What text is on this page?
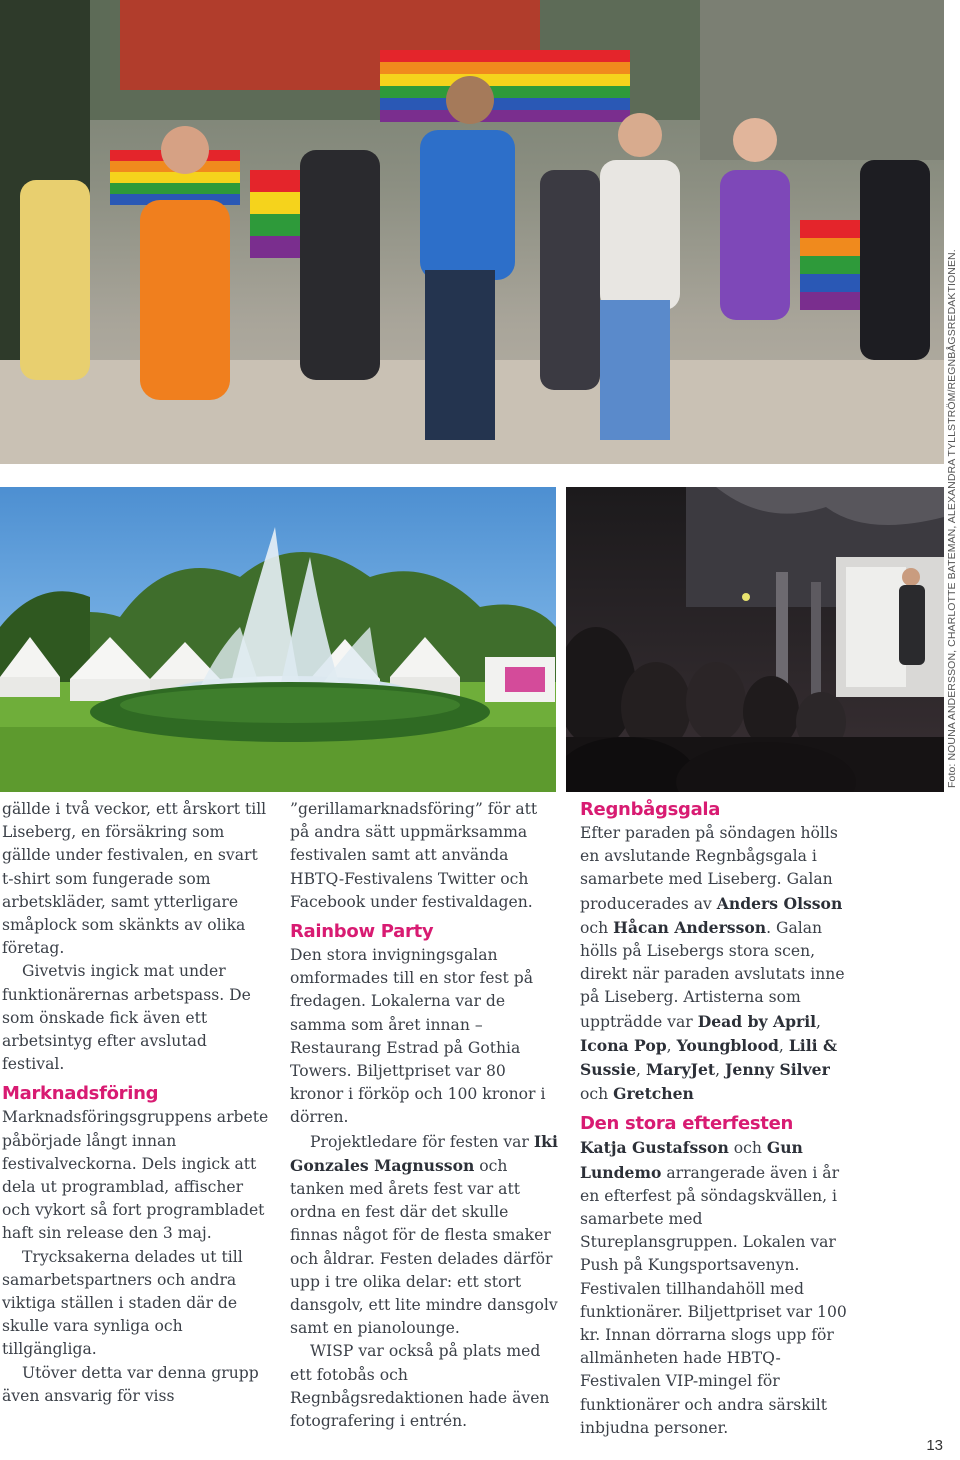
Foto: NOUNA ANDERSSON, CHARLOTTE BATEMAN, ALEXANDRA TYLLSTRÖM/REGNBÅGSREDAKTIONEN.

gällde i två veckor, ett årskort till Liseberg, en försäkring som gällde under festivalen, en svart t-shirt som fungerade som arbetskläder, samt ytterligare småplock som skänkts av olika företag.

Givetvis ingick mat under funktionärernas arbetspass. De som önskade fick även ett arbetsintyg efter avslutad festival.

Marknadsföring

Marknadsföringsgruppens arbete påbörjade långt innan festivalveckorna. Dels ingick att dela ut programblad, affischer och vykort så fort programbladet haft sin release den 3 maj.

Trycksakerna delades ut till samarbetspartners och andra viktiga ställen i staden där de skulle vara synliga och tillgängliga.

Utöver detta var denna grupp även ansvarig för viss

”gerillamarknadsföring” för att på andra sätt uppmärksamma festivalen samt att använda HBTQ-Festivalens Twitter och Facebook under festivaldagen.

Rainbow Party

Den stora invigningsgalan omformades till en stor fest på fredagen. Lokalerna var de samma som året innan – Restaurang Estrad på Gothia Towers. Biljettpriset var 80 kronor i förköp och 100 kronor i dörren.

Projektledare för festen var Iki Gonzales Magnusson och tanken med årets fest var att ordna en fest där det skulle finnas något för de flesta smaker och åldrar. Festen delades därför upp i tre olika delar: ett stort dansgolv, ett lite mindre dansgolv samt en pianolounge.

WISP var också på plats med ett fotobås och Regnbågsredaktionen hade även fotografering i entrén.

Regnbågsgala

Efter paraden på söndagen hölls en avslutande Regnbågsgala i samarbete med Liseberg. Galan producerades av Anders Olsson och Håcan Andersson. Galan hölls på Lisebergs stora scen, direkt när paraden avslutats inne på Liseberg. Artisterna som uppträdde var Dead by April, Icona Pop, Youngblood, Lili & Sussie, MaryJet, Jenny Silver och Gretchen

Den stora efterfesten

Katja Gustafsson och Gun Lundemo arrangerade även i år en efterfest på söndagskvällen, i samarbete med Stureplansgruppen. Lokalen var Push på Kungsportsavenyn. Festivalen tillhandahöll med funktionärer. Biljettpriset var 100 kr. Innan dörrarna slogs upp för allmänheten hade HBTQ-Festivalen VIP-mingel för funktionärer och andra särskilt inbjudna personer.

13
